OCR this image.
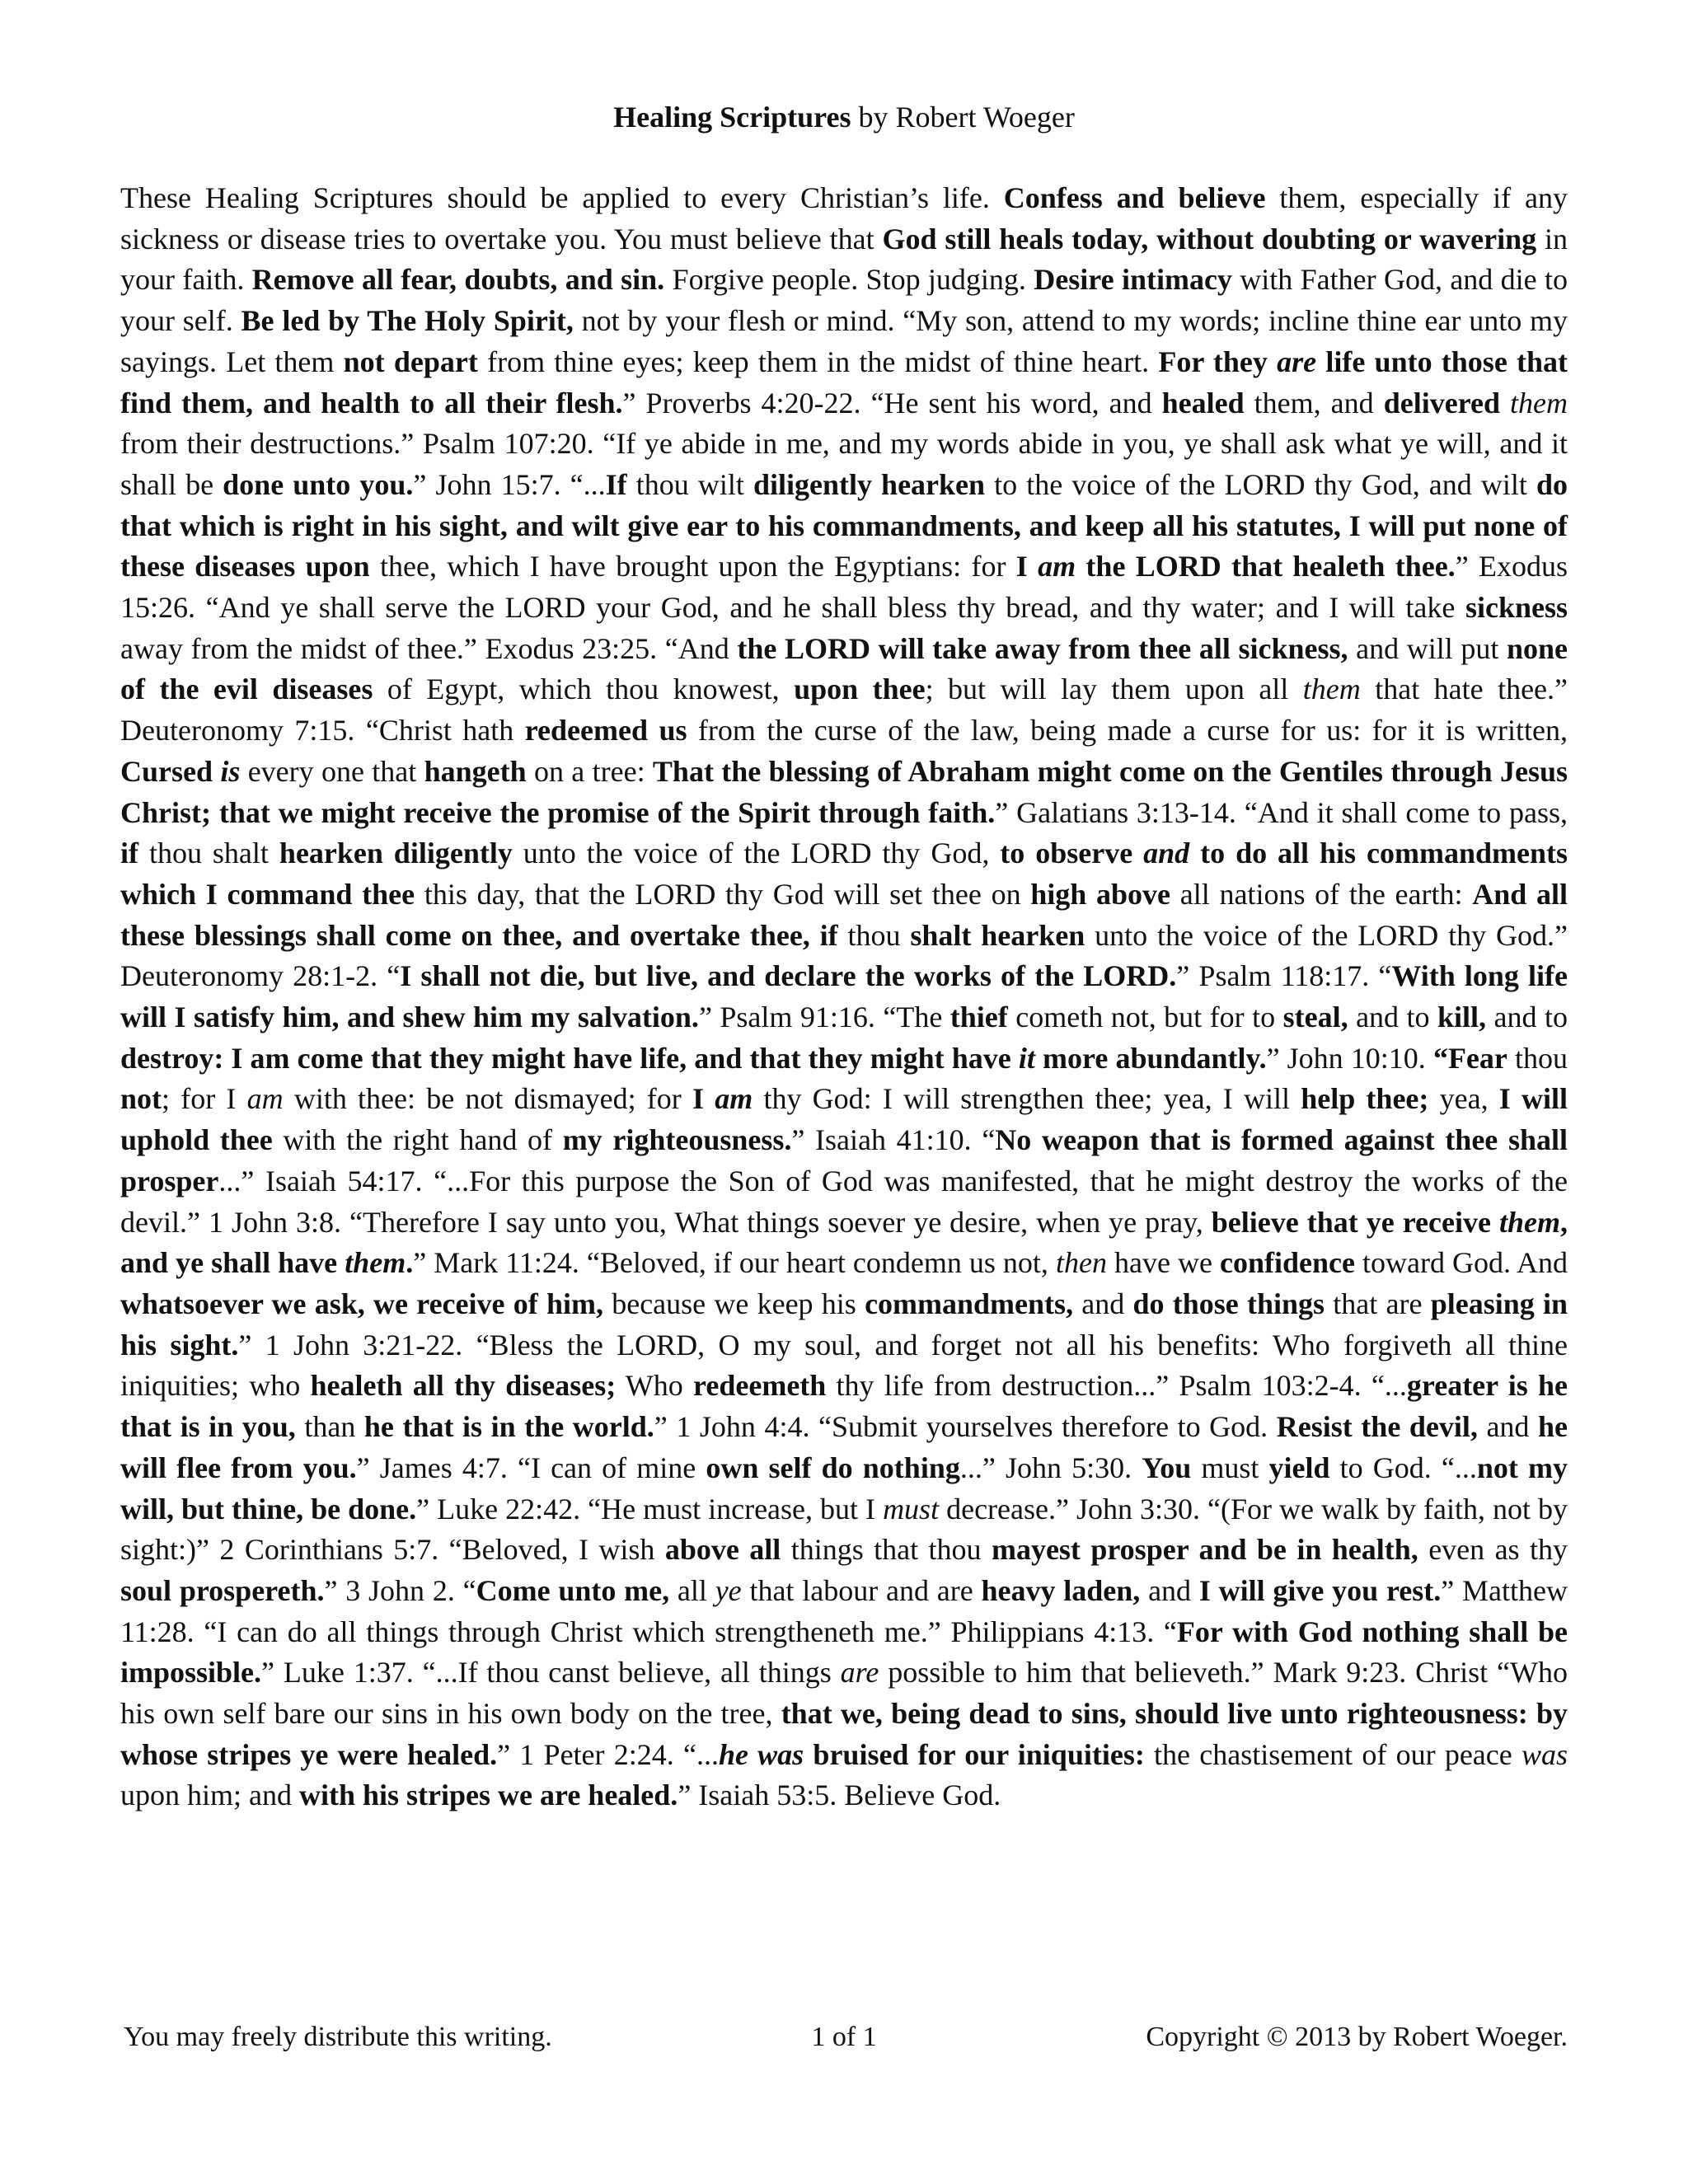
Healing Scriptures by Robert Woeger

These Healing Scriptures should be applied to every Christian’s life. Confess and believe them, especially if any sickness or disease tries to overtake you. You must believe that God still heals today, without doubting or wavering in your faith. Remove all fear, doubts, and sin. Forgive people. Stop judging. Desire intimacy with Father God, and die to your self. Be led by The Holy Spirit, not by your flesh or mind. “My son, attend to my words; incline thine ear unto my sayings. Let them not depart from thine eyes; keep them in the midst of thine heart. For they are life unto those that find them, and health to all their flesh.” Proverbs 4:20-22. “He sent his word, and healed them, and delivered them from their destructions.” Psalm 107:20. “If ye abide in me, and my words abide in you, ye shall ask what ye will, and it shall be done unto you.” John 15:7. “...If thou wilt diligently hearken to the voice of the LORD thy God, and wilt do that which is right in his sight, and wilt give ear to his commandments, and keep all his statutes, I will put none of these diseases upon thee, which I have brought upon the Egyptians: for I am the LORD that healeth thee.” Exodus 15:26. “And ye shall serve the LORD your God, and he shall bless thy bread, and thy water; and I will take sickness away from the midst of thee.” Exodus 23:25. “And the LORD will take away from thee all sickness, and will put none of the evil diseases of Egypt, which thou knowest, upon thee; but will lay them upon all them that hate thee.” Deuteronomy 7:15. “Christ hath redeemed us from the curse of the law, being made a curse for us: for it is written, Cursed is every one that hangeth on a tree: That the blessing of Abraham might come on the Gentiles through Jesus Christ; that we might receive the promise of the Spirit through faith.” Galatians 3:13-14. “And it shall come to pass, if thou shalt hearken diligently unto the voice of the LORD thy God, to observe and to do all his commandments which I command thee this day, that the LORD thy God will set thee on high above all nations of the earth: And all these blessings shall come on thee, and overtake thee, if thou shalt hearken unto the voice of the LORD thy God.” Deuteronomy 28:1-2. “I shall not die, but live, and declare the works of the LORD.” Psalm 118:17. “With long life will I satisfy him, and shew him my salvation.” Psalm 91:16. “The thief cometh not, but for to steal, and to kill, and to destroy: I am come that they might have life, and that they might have it more abundantly.” John 10:10. “Fear thou not; for I am with thee: be not dismayed; for I am thy God: I will strengthen thee; yea, I will help thee; yea, I will uphold thee with the right hand of my righteousness.” Isaiah 41:10. “No weapon that is formed against thee shall prosper...” Isaiah 54:17. “...For this purpose the Son of God was manifested, that he might destroy the works of the devil.” 1 John 3:8. “Therefore I say unto you, What things soever ye desire, when ye pray, believe that ye receive them, and ye shall have them.” Mark 11:24. “Beloved, if our heart condemn us not, then have we confidence toward God. And whatsoever we ask, we receive of him, because we keep his commandments, and do those things that are pleasing in his sight.” 1 John 3:21-22. “Bless the LORD, O my soul, and forget not all his benefits: Who forgiveth all thine iniquities; who healeth all thy diseases; Who redeemeth thy life from destruction...” Psalm 103:2-4. “...greater is he that is in you, than he that is in the world.” 1 John 4:4. “Submit yourselves therefore to God. Resist the devil, and he will flee from you.” James 4:7. “I can of mine own self do nothing...” John 5:30. You must yield to God. “...not my will, but thine, be done.” Luke 22:42. “He must increase, but I must decrease.” John 3:30. “(For we walk by faith, not by sight:)” 2 Corinthians 5:7. “Beloved, I wish above all things that thou mayest prosper and be in health, even as thy soul prospereth.” 3 John 2. “Come unto me, all ye that labour and are heavy laden, and I will give you rest.” Matthew 11:28. “I can do all things through Christ which strengtheneth me.” Philippians 4:13. “For with God nothing shall be impossible.” Luke 1:37. “...If thou canst believe, all things are possible to him that believeth.” Mark 9:23. Christ “Who his own self bare our sins in his own body on the tree, that we, being dead to sins, should live unto righteousness: by whose stripes ye were healed.” 1 Peter 2:24. “...he was bruised for our iniquities: the chastisement of our peace was upon him; and with his stripes we are healed.” Isaiah 53:5. Believe God.

You may freely distribute this writing.	1 of 1	Copyright © 2013 by Robert Woeger.
